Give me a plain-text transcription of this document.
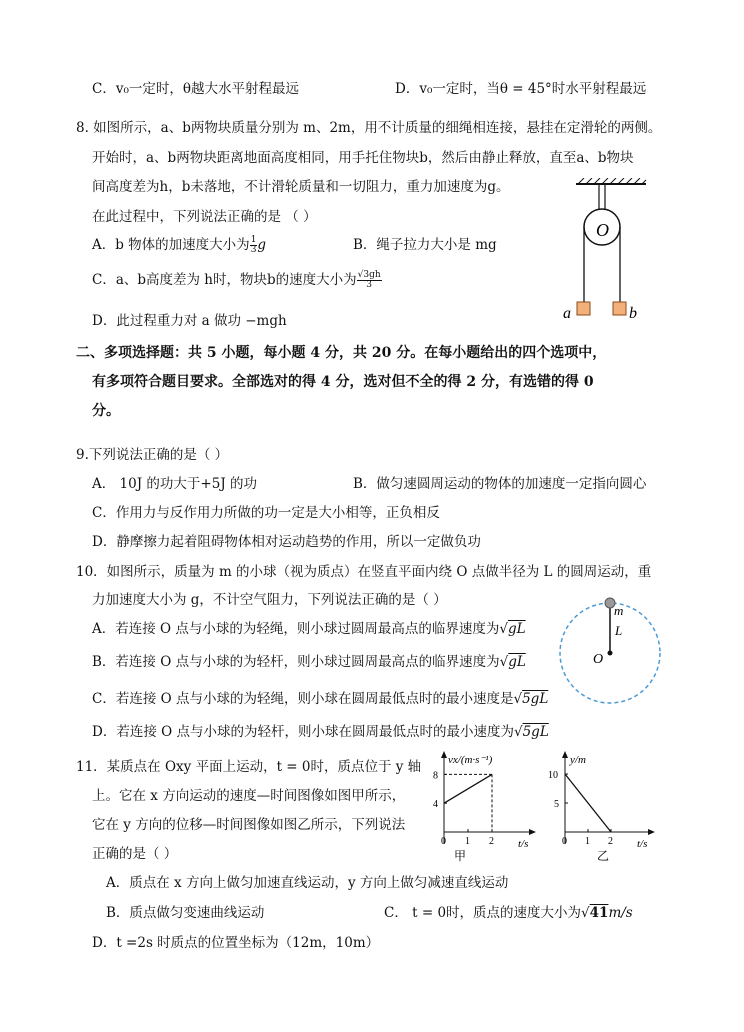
C．v₀一定时，θ越大水平射程最远	D．v₀一定时，当θ = 45°时水平射程最远
8. 如图所示，a、b两物块质量分别为 m、2m，用不计质量的细绳相连接，悬挂在定滑轮的两侧。
开始时，a、b两物块距离地面高度相同，用手托住物块b，然后由静止释放，直至a、b物块
间高度差为h，b未落地，不计滑轮质量和一切阻力，重力加速度为g。
在此过程中，下列说法正确的是 （ ）
A．b 物体的加速度大小为 $\frac{1}{3}$ g	B．绳子拉力大小是 mg
C．a、b高度差为 h时，物块b的速度大小为 $\frac{√3gh}{3}$
D．此过程重力对 a 做功 −mgh
O
a	b
二、多项选择题：共 5 小题，每小题 4 分，共 20 分。在每小题给出的四个选项中，
有多项符合题目要求。全部选对的得 4 分，选对但不全的得 2 分，有选错的得 0
分。
9.下列说法正确的是（ ）
A． 10J 的功大于+5J 的功	B．做匀速圆周运动的物体的加速度一定指向圆心
C．作用力与反作用力所做的功一定是大小相等，正负相反
D．静摩擦力起着阻碍物体相对运动趋势的作用，所以一定做负功
10．如图所示，质量为 m 的小球（视为质点）在竖直平面内绕 O 点做半径为 L 的圆周运动，重
力加速度大小为 g，不计空气阻力，下列说法正确的是（ ）
A．若连接 O 点与小球的为轻绳，则小球过圆周最高点的临界速度为√gL
B．若连接 O 点与小球的为轻杆，则小球过圆周最高点的临界速度为√gL
C．若连接 O 点与小球的为轻绳，则小球在圆周最低点时的最小速度是√5gL
D．若连接 O 点与小球的为轻杆，则小球在圆周最低点时的最小速度为√5gL
m
L
O
11．某质点在 Oxy 平面上运动，t = 0时，质点位于 y 轴
上。它在 x 方向运动的速度—时间图像如图甲所示，
它在 y 方向的位移—时间图像如图乙所示，下列说法
正确的是（ ）
A．质点在 x 方向上做匀加速直线运动，y 方向上做匀减速直线运动
B．质点做匀变速曲线运动	C． t = 0时，质点的速度大小为√41m/s
D．t =2s 时质点的位置坐标为（12m，10m）
vx/(m·s⁻¹)
t/s
甲
0 1 2
8
4
y/m
t/s
乙
0 1 2
10
5
